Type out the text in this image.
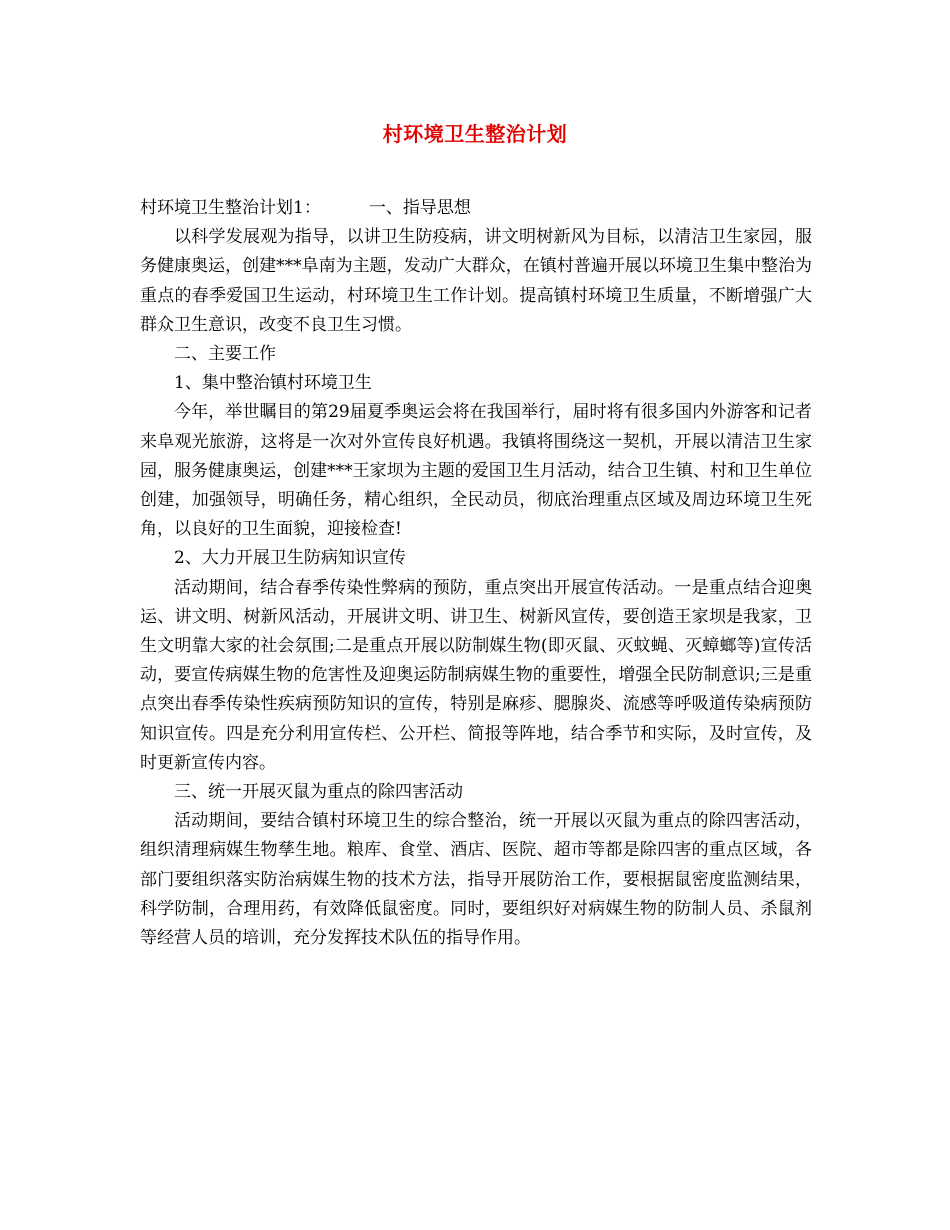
村环境卫生整治计划

村环境卫生整治计划1：	一、指导思想

以科学发展观为指导，以讲卫生防疫病，讲文明树新风为目标，以清洁卫生家园，服务健康奥运，创建***阜南为主题，发动广大群众，在镇村普遍开展以环境卫生集中整治为重点的春季爱国卫生运动，村环境卫生工作计划。提高镇村环境卫生质量，不断增强广大群众卫生意识，改变不良卫生习惯。

二、主要工作

1、集中整治镇村环境卫生

今年，举世瞩目的第29届夏季奥运会将在我国举行，届时将有很多国内外游客和记者来阜观光旅游，这将是一次对外宣传良好机遇。我镇将围绕这一契机，开展以清洁卫生家园，服务健康奥运，创建***王家坝为主题的爱国卫生月活动，结合卫生镇、村和卫生单位创建，加强领导，明确任务，精心组织，全民动员，彻底治理重点区域及周边环境卫生死角，以良好的卫生面貌，迎接检查!

2、大力开展卫生防病知识宣传

活动期间，结合春季传染性弊病的预防，重点突出开展宣传活动。一是重点结合迎奥运、讲文明、树新风活动，开展讲文明、讲卫生、树新风宣传，要创造王家坝是我家，卫生文明靠大家的社会氛围;二是重点开展以防制媒生物(即灭鼠、灭蚊蝇、灭蟑螂等)宣传活动，要宣传病媒生物的危害性及迎奥运防制病媒生物的重要性，增强全民防制意识;三是重点突出春季传染性疾病预防知识的宣传，特别是麻疹、腮腺炎、流感等呼吸道传染病预防知识宣传。四是充分利用宣传栏、公开栏、简报等阵地，结合季节和实际，及时宣传，及时更新宣传内容。

三、统一开展灭鼠为重点的除四害活动

活动期间，要结合镇村环境卫生的综合整治，统一开展以灭鼠为重点的除四害活动，组织清理病媒生物孳生地。粮库、食堂、酒店、医院、超市等都是除四害的重点区域，各部门要组织落实防治病媒生物的技术方法，指导开展防治工作，要根据鼠密度监测结果，科学防制，合理用药，有效降低鼠密度。同时，要组织好对病媒生物的防制人员、杀鼠剂等经营人员的培训，充分发挥技术队伍的指导作用。
